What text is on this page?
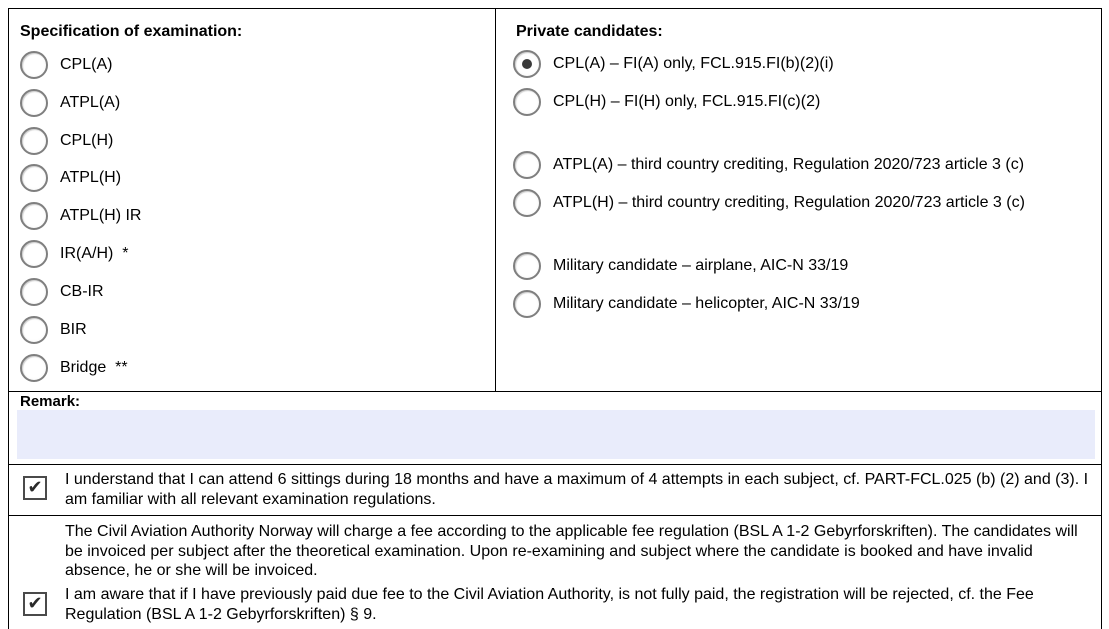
Specification of examination:
CPL(A)
ATPL(A)
CPL(H)
ATPL(H)
ATPL(H) IR
IR(A/H)  *
CB-IR
BIR
Bridge  **
Private candidates:
CPL(A) – FI(A) only, FCL.915.FI(b)(2)(i)
CPL(H) – FI(H) only, FCL.915.FI(c)(2)
ATPL(A) – third country crediting, Regulation 2020/723 article 3 (c)
ATPL(H) – third country crediting, Regulation 2020/723 article 3 (c)
Military candidate – airplane, AIC-N 33/19
Military candidate – helicopter, AIC-N 33/19
Remark:
✔ I understand that I can attend 6 sittings during 18 months and have a maximum of 4 attempts in each subject, cf. PART-FCL.025 (b) (2) and (3). I am familiar with all relevant examination regulations.
The Civil Aviation Authority Norway will charge a fee according to the applicable fee regulation (BSL A 1-2 Gebyrforskriften). The candidates will be invoiced per subject after the theoretical examination. Upon re-examining and subject where the candidate is booked and have invalid absence, he or she will be invoiced.
✔ I am aware that if I have previously paid due fee to the Civil Aviation Authority, is not fully paid, the registration will be rejected, cf. the Fee Regulation (BSL A 1-2 Gebyrforskriften) § 9.
